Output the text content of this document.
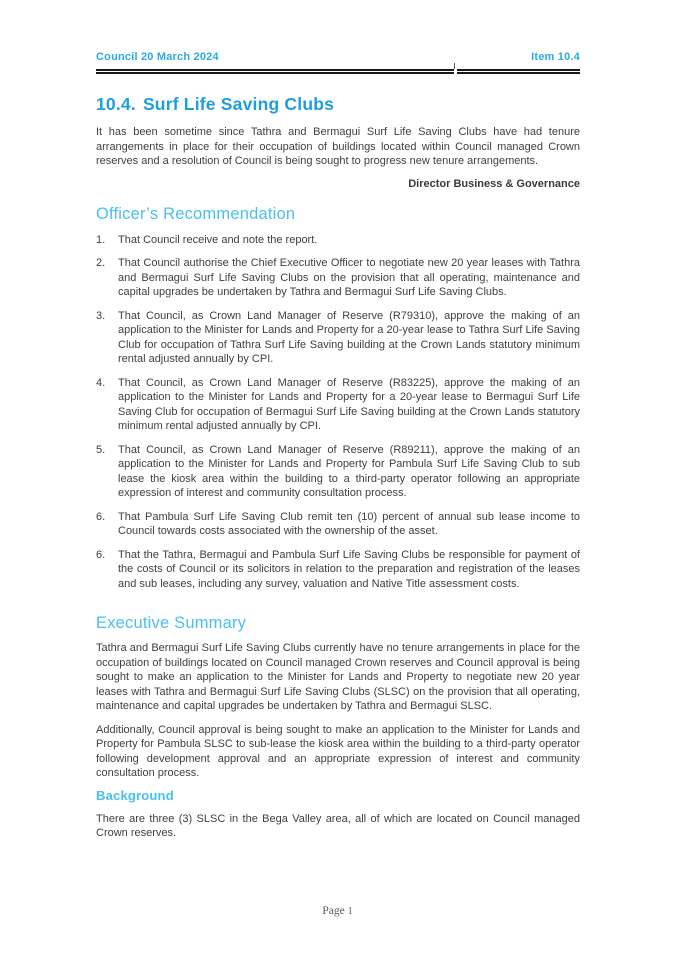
Council 20 March 2024	Item 10.4
10.4. Surf Life Saving Clubs

It has been sometime since Tathra and Bermagui Surf Life Saving Clubs have had tenure arrangements in place for their occupation of buildings located within Council managed Crown reserves and a resolution of Council is being sought to progress new tenure arrangements.

Director Business & Governance

Officer’s Recommendation
1.	That Council receive and note the report.
2.	That Council authorise the Chief Executive Officer to negotiate new 20 year leases with Tathra and Bermagui Surf Life Saving Clubs on the provision that all operating, maintenance and capital upgrades be undertaken by Tathra and Bermagui Surf Life Saving Clubs.
3.	That Council, as Crown Land Manager of Reserve (R79310), approve the making of an application to the Minister for Lands and Property for a 20-year lease to Tathra Surf Life Saving Club for occupation of Tathra Surf Life Saving building at the Crown Lands statutory minimum rental adjusted annually by CPI.
4.	That Council, as Crown Land Manager of Reserve (R83225), approve the making of an application to the Minister for Lands and Property for a 20-year lease to Bermagui Surf Life Saving Club for occupation of Bermagui Surf Life Saving building at the Crown Lands statutory minimum rental adjusted annually by CPI.
5.	That Council, as Crown Land Manager of Reserve (R89211), approve the making of an application to the Minister for Lands and Property for Pambula Surf Life Saving Club to sub lease the kiosk area within the building to a third-party operator following an appropriate expression of interest and community consultation process.
6.	That Pambula Surf Life Saving Club remit ten (10) percent of annual sub lease income to Council towards costs associated with the ownership of the asset.
6.	That the Tathra, Bermagui and Pambula Surf Life Saving Clubs be responsible for payment of the costs of Council or its solicitors in relation to the preparation and registration of the leases and sub leases, including any survey, valuation and Native Title assessment costs.
Executive Summary

Tathra and Bermagui Surf Life Saving Clubs currently have no tenure arrangements in place for the occupation of buildings located on Council managed Crown reserves and Council approval is being sought to make an application to the Minister for Lands and Property to negotiate new 20 year leases with Tathra and Bermagui Surf Life Saving Clubs (SLSC) on the provision that all operating, maintenance and capital upgrades be undertaken by Tathra and Bermagui SLSC.

Additionally, Council approval is being sought to make an application to the Minister for Lands and Property for Pambula SLSC to sub-lease the kiosk area within the building to a third-party operator following development approval and an appropriate expression of interest and community consultation process.

Background

There are three (3) SLSC in the Bega Valley area, all of which are located on Council managed Crown reserves.

Page 1
